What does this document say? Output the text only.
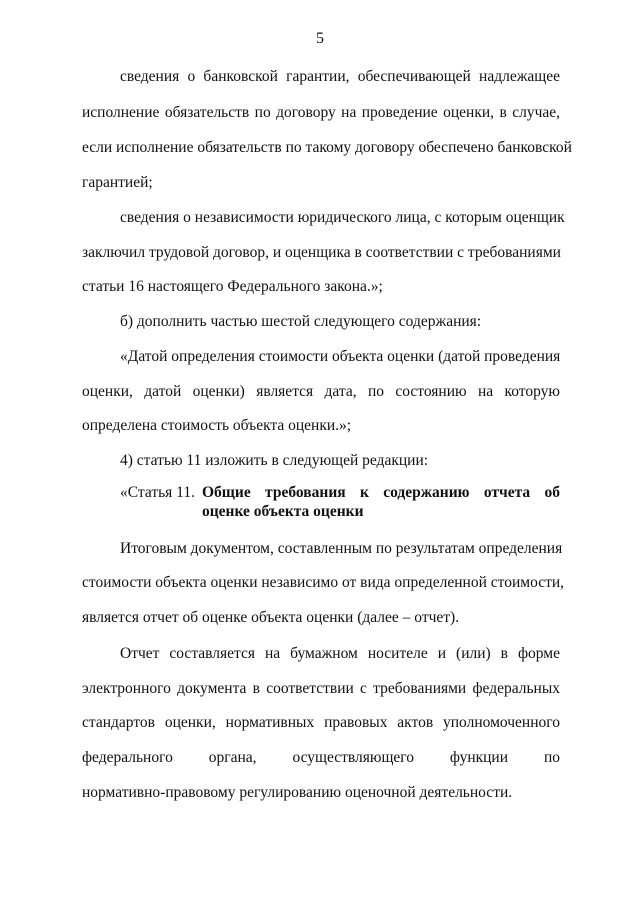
5
сведения о банковской гарантии, обеспечивающей надлежащее
исполнение обязательств по договору на проведение оценки, в случае,
если исполнение обязательств по такому договору обеспечено банковской
гарантией;
сведения о независимости юридического лица, с которым оценщик
заключил трудовой договор, и оценщика в соответствии с требованиями
статьи 16 настоящего Федерального закона.»;
б) дополнить частью шестой следующего содержания:
«Датой определения стоимости объекта оценки (датой проведения
оценки, датой оценки) является дата, по состоянию на которую
определена стоимость объекта оценки.»;
4) статью 11 изложить в следующей редакции:
«Статья 11. Общие требования к содержанию отчета об
оценке объекта оценки
Итоговым документом, составленным по результатам определения
стоимости объекта оценки независимо от вида определенной стоимости,
является отчет об оценке объекта оценки (далее – отчет).
Отчет составляется на бумажном носителе и (или) в форме
электронного документа в соответствии с требованиями федеральных
стандартов оценки, нормативных правовых актов уполномоченного
федерального органа, осуществляющего функции по
нормативно-правовому регулированию оценочной деятельности.
